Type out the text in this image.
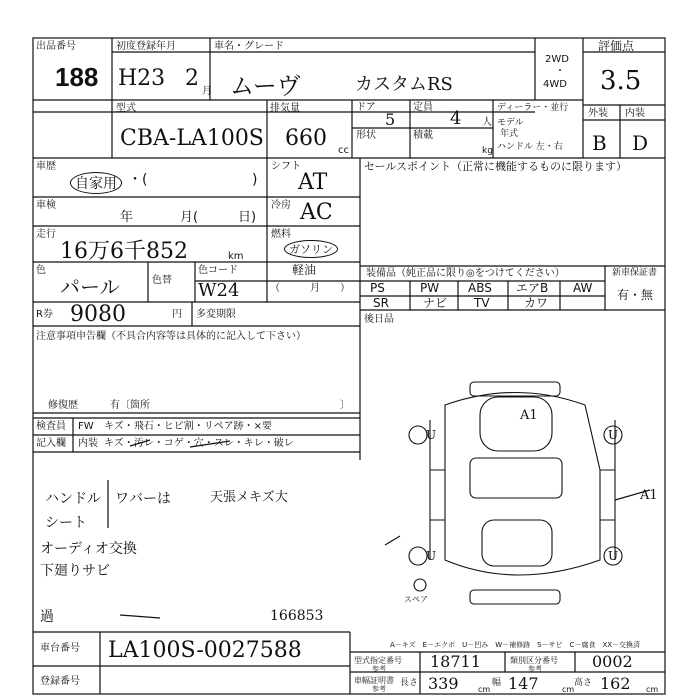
出品番号
188
初度登録年月
H23 2
月
車名・グレード
ムーヴ	カスタムRS
2WD
・
4WD
評価点
3.5
型式
CBA-LA100S
排気量
660 cc
ドア
5
定員
4 人
ディーラー・並行
モデル
年式
ハンドル 左・右
形状	積載
kg
外装 内装
B D
車歴
自家用 ・(	)
シフト
AT
セールスポイント（正常に機能するものに限ります）
車検
年	月(	日)
冷房 AC
走行
16万6千852	km
燃料
ガソリン
軽油
色
パール	色替
色コード
W24
R券 9080	円 多変期限
（　　　月　　）
装備品（純正品に限り◎をつけてください）
PS	PW ABS エアB AW
SR	ナビ TV	カワ
新車保証書
有・無
後日品
注意事項申告欄（不具合内容等は具体的に記入して下さい）
修復歴	有〔箇所	〕
検査員
記入欄
FW
内装
キズ・飛石・ヒビ割・リペア跡・×要
キズ・汚レ・コゲ・穴・スレ・キレ・破レ
ハンドル　ワバーは
シート
オーディオ交換
下廻りサビ
天張メキズ大
過	166853
A1
U	U
U	U
A1
スペア
A－キズ　E－エクボ　U－凹み　W－補修跡　S－サビ　C－腐食　XX－交換済
車台番号 LA100S-0027588
登録番号
型式指定番号
参考	18711	類別区分番号
参考	0002
車幅証明書
参考
長さ 339 cm
幅 147	cm
高さ 162 cm
